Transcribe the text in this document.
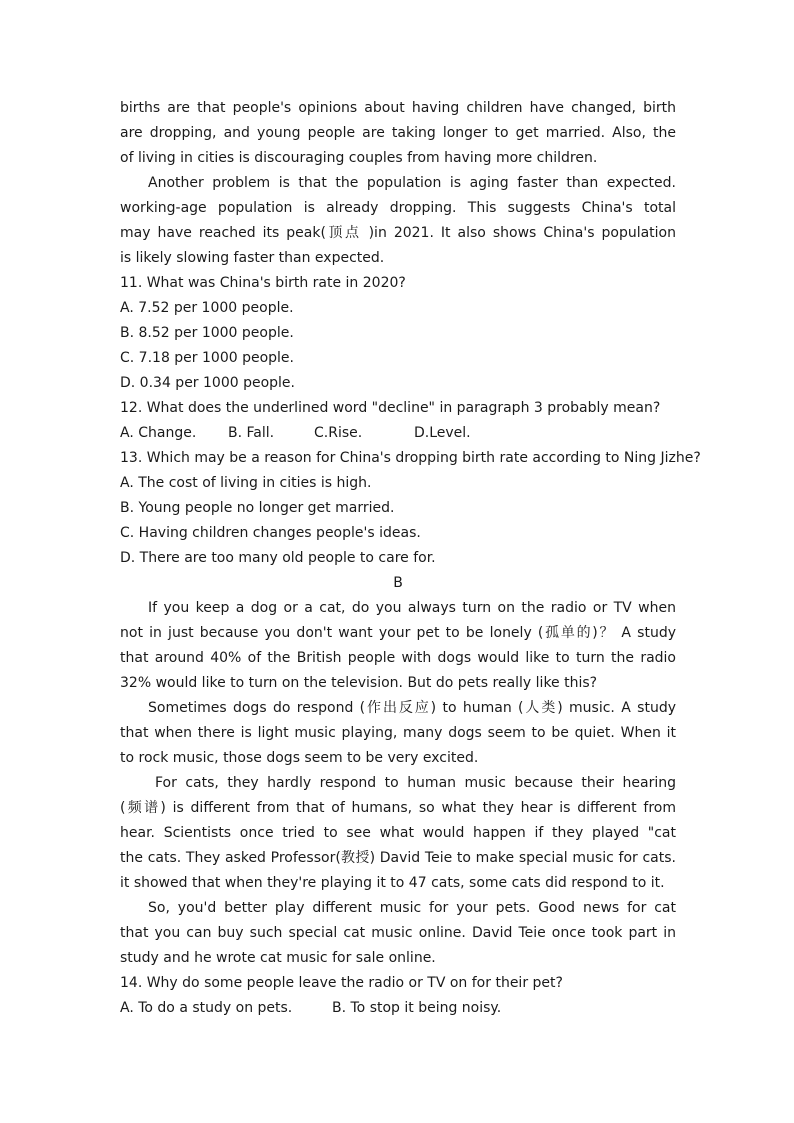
births are that people's opinions about having children have changed, birth
are dropping, and young people are taking longer to get married. Also, the
of living in cities is discouraging couples from having more children.
Another problem is that the population is aging faster than expected.
working-age population is already dropping. This suggests China's total
may have reached its peak(顶点 )in 2021. It also shows China's population
is likely slowing faster than expected.
11. What was China's birth rate in 2020?
A. 7.52 per 1000 people.
B. 8.52 per 1000 people.
C. 7.18 per 1000 people.
D. 0.34 per 1000 people.
12. What does the underlined word "decline" in paragraph 3 probably mean?
A. Change. B. Fall.	C.Rise.	D.Level.
13. Which may be a reason for China's dropping birth rate according to Ning Jizhe?
A. The cost of living in cities is high.
B. Young people no longer get married.
C. Having children changes people's ideas.
D. There are too many old people to care for.
B
If you keep a dog or a cat, do you always turn on the radio or TV when
not in just because you don't want your pet to be lonely (孤单的)？ A study
that around 40% of the British people with dogs would like to turn the radio
32% would like to turn on the television. But do pets really like this?
Sometimes dogs do respond (作出反应) to human (人类) music. A study
that when there is light music playing, many dogs seem to be quiet. When it
to rock music, those dogs seem to be very excited.
For cats, they hardly respond to human music because their hearing
(频谱) is different from that of humans, so what they hear is different from
hear. Scientists once tried to see what would happen if they played "cat
the cats. They asked Professor(教授) David Teie to make special music for cats.
it showed that when they're playing it to 47 cats, some cats did respond to it.
So, you'd better play different music for your pets. Good news for cat
that you can buy such special cat music online. David Teie once took part in
study and he wrote cat music for sale online.
14. Why do some people leave the radio or TV on for their pet?
A. To do a study on pets.	B. To stop it being noisy.
